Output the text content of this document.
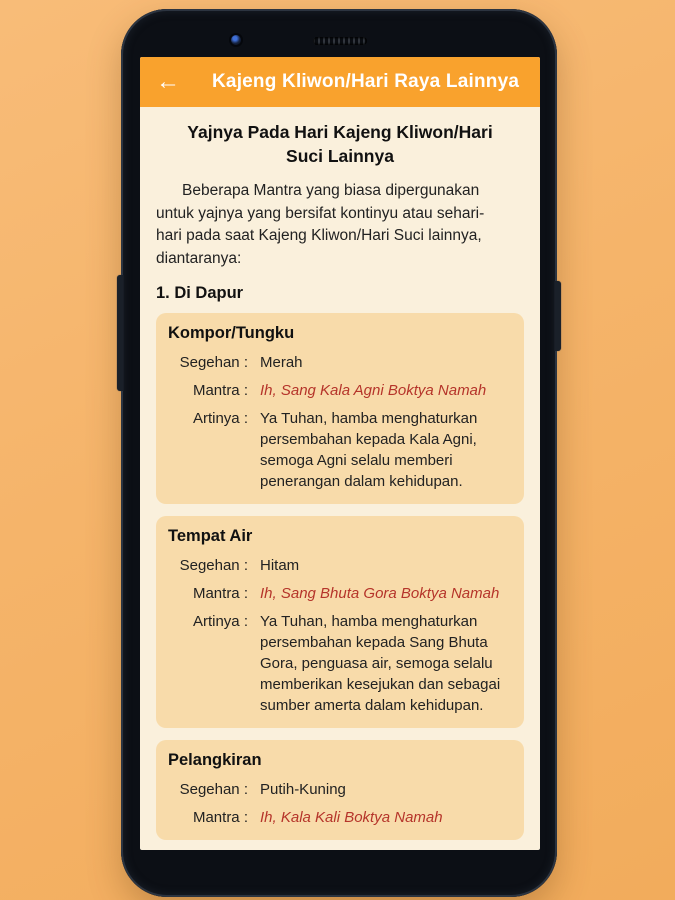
←	Kajeng Kliwon/Hari Raya Lainnya
Yajnya Pada Hari Kajeng Kliwon/Hari Suci Lainnya

Beberapa Mantra yang biasa dipergunakan untuk yajnya yang bersifat kontinyu atau sehari-hari pada saat Kajeng Kliwon/Hari Suci lainnya, diantaranya:

1. Di Dapur
Kompor/Tungku
Segehan : Merah
Mantra : Ih, Sang Kala Agni Boktya Namah
Artinya : Ya Tuhan, hamba menghaturkan persembahan kepada Kala Agni, semoga Agni selalu memberi penerangan dalam kehidupan.
Tempat Air
Segehan : Hitam
Mantra : Ih, Sang Bhuta Gora Boktya Namah
Artinya : Ya Tuhan, hamba menghaturkan persembahan kepada Sang Bhuta Gora, penguasa air, semoga selalu memberikan kesejukan dan sebagai sumber amerta dalam kehidupan.
Pelangkiran
Segehan : Putih-Kuning
Mantra : Ih, Kala Kali Boktya Namah
